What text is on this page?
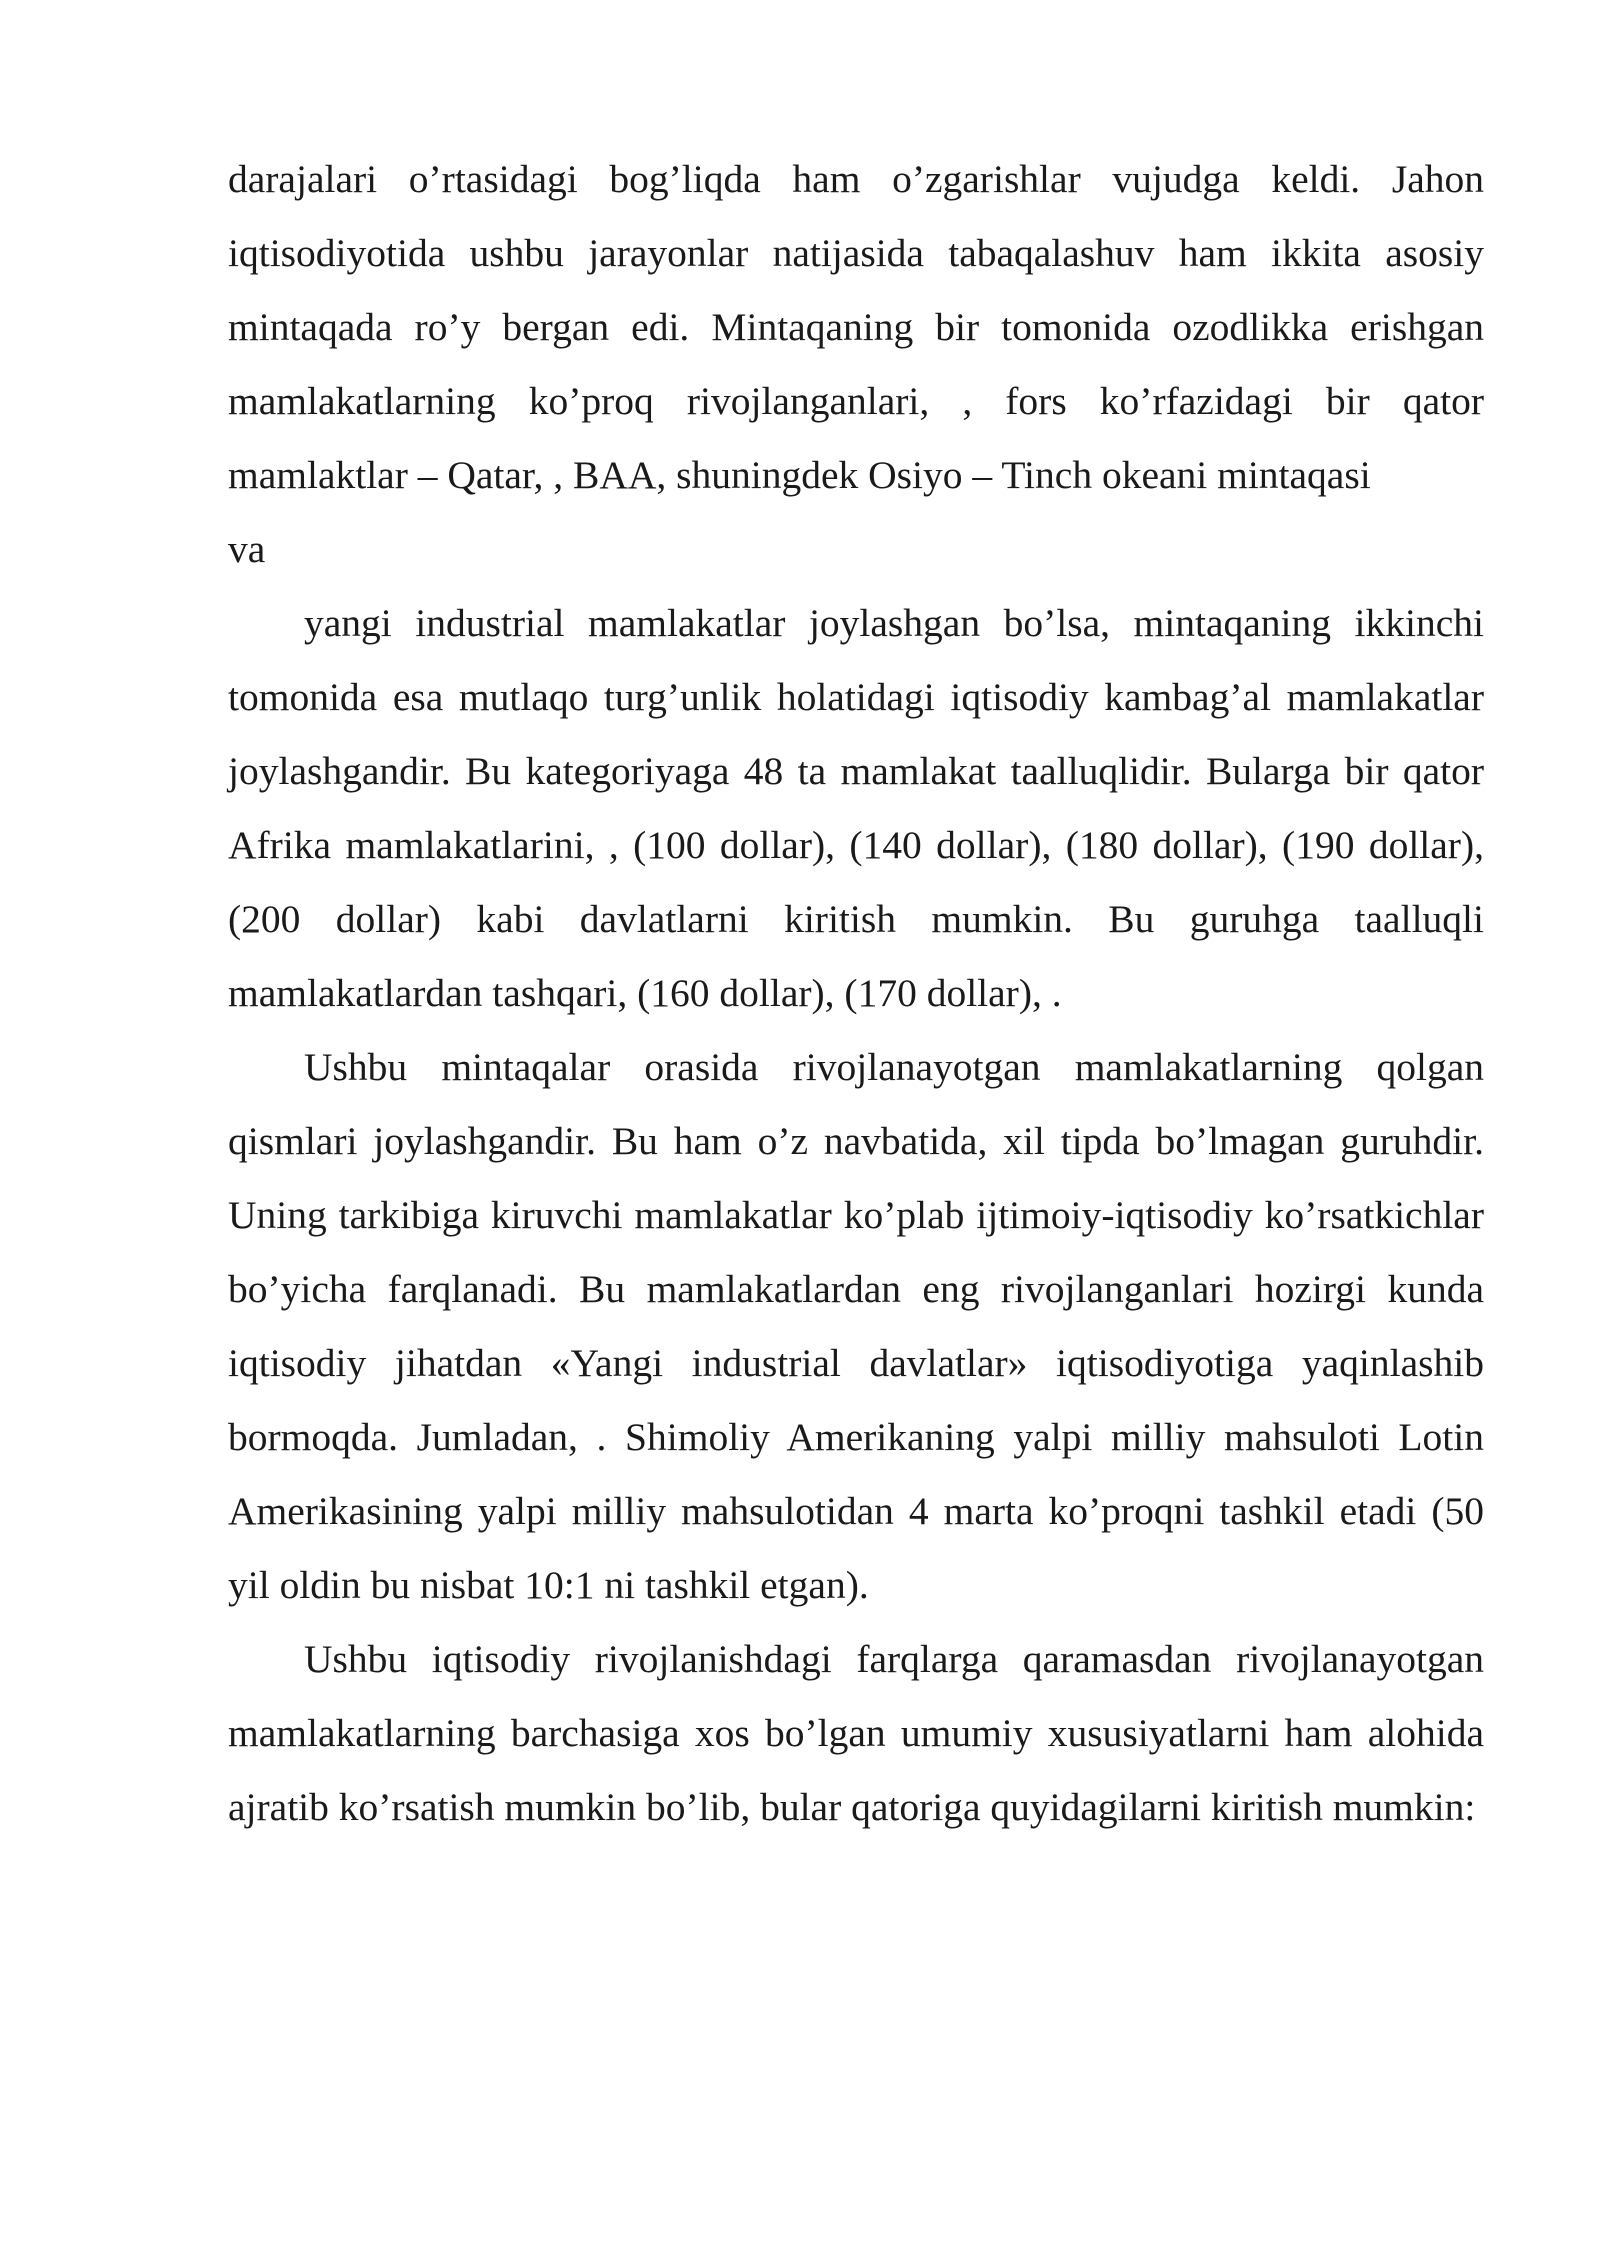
darajalari o’rtasidagi bog’liqda ham o’zgarishlar vujudga keldi. Jahon iqtisodiyotida ushbu jarayonlar natijasida tabaqalashuv ham ikkita asosiy mintaqada ro’y bergan edi. Mintaqaning bir tomonida ozodlikka erishgan mamlakatlarning ko’proq rivojlanganlari, , fors ko’rfazidagi bir qator mamlaktlar – Qatar, , BAA, shuningdek Osiyo – Tinch okeani mintaqasi

va

yangi industrial mamlakatlar joylashgan bo’lsa, mintaqaning ikkinchi tomonida esa mutlaqo turg’unlik holatidagi iqtisodiy kambag’al mamlakatlar joylashgandir. Bu kategoriyaga 48 ta mamlakat taalluqlidir. Bularga bir qator Afrika mamlakatlarini, , (100 dollar), (140 dollar), (180 dollar), (190 dollar), (200 dollar) kabi davlatlarni kiritish mumkin. Bu guruhga taalluqli mamlakatlardan tashqari, (160 dollar), (170 dollar), .

Ushbu mintaqalar orasida rivojlanayotgan mamlakatlarning qolgan qismlari joylashgandir. Bu ham o’z navbatida, xil tipda bo’lmagan guruhdir. Uning tarkibiga kiruvchi mamlakatlar ko’plab ijtimoiy-iqtisodiy ko’rsatkichlar bo’yicha farqlanadi. Bu mamlakatlardan eng rivojlanganlari hozirgi kunda iqtisodiy jihatdan «Yangi industrial davlatlar» iqtisodiyotiga yaqinlashib bormoqda. Jumladan, . Shimoliy Amerikaning yalpi milliy mahsuloti Lotin Amerikasining yalpi milliy mahsulotidan 4 marta ko’proqni tashkil etadi (50 yil oldin bu nisbat 10:1 ni tashkil etgan).

Ushbu iqtisodiy rivojlanishdagi farqlarga qaramasdan rivojlanayotgan mamlakatlarning barchasiga xos bo’lgan umumiy xususiyatlarni ham alohida ajratib ko’rsatish mumkin bo’lib, bular qatoriga quyidagilarni kiritish mumkin:
